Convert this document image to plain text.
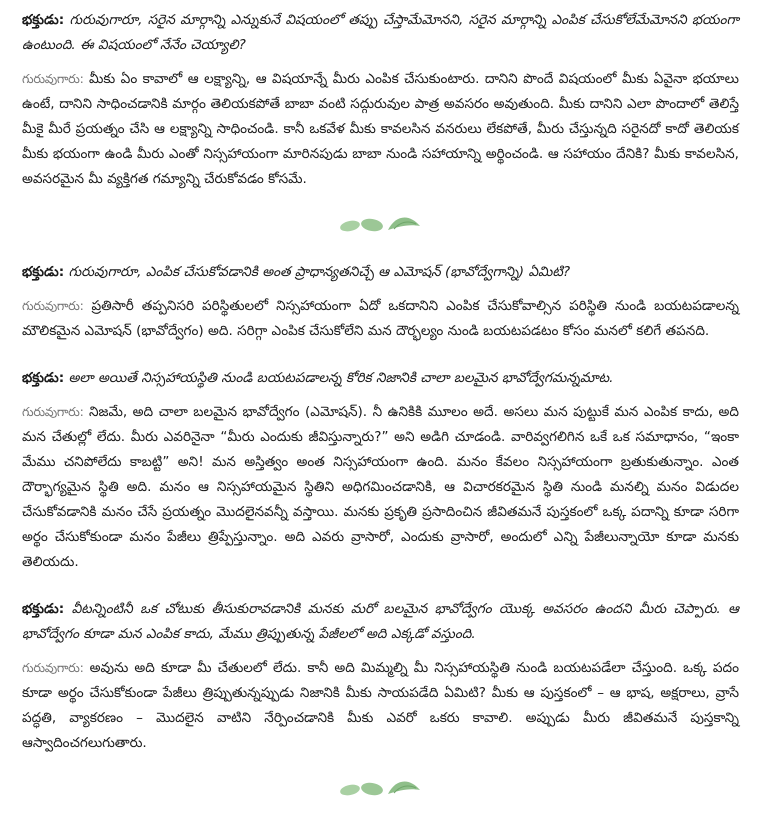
భక్తుడు: గురువుగారూ, సరైన మార్గాన్ని ఎన్నుకునే విషయంలో తప్పు చేస్తామేమోనని, సరైన మార్గాన్ని ఎంపిక చేసుకోలేమేమోనని భయంగా ఉంటుంది. ఈ విషయంలో నేనేం చెయ్యాలి?

గురువుగారు: మీకు ఏం కావాలో ఆ లక్ష్యాన్ని, ఆ విషయాన్నే మీరు ఎంపిక చేసుకుంటారు. దానిని పొందే విషయంలో మీకు ఏవైనా భయాలు ఉంటే, దానిని సాధించడానికి మార్గం తెలియకపోతే బాబా వంటి సద్గురువుల పాత్ర అవసరం అవుతుంది. మీకు దానిని ఎలా పొందాలో తెలిస్తే మీకై మీరే ప్రయత్నం చేసి ఆ లక్ష్యాన్ని సాధించండి. కానీ ఒకవేళ మీకు కావలసిన వనరులు లేకపోతే, మీరు చేస్తున్నది సరైనదో కాదో తెలియక మీకు భయంగా ఉండి మీరు ఎంతో నిస్సహాయంగా మారినపుడు బాబా నుండి సహాయాన్ని అర్థించండి. ఆ సహాయం దేనికి? మీకు కావలసిన, అవసరమైన మీ వ్యక్తిగత గమ్యాన్ని చేరుకోవడం కోసమే.

భక్తుడు: గురువుగారూ, ఎంపిక చేసుకోవడానికి అంత ప్రాధాన్యతనిచ్చే ఆ ఎమోషన్ (భావోద్వేగాన్ని) ఏమిటి?

గురువుగారు: ప్రతిసారీ తప్పనిసరి పరిస్థితులలో నిస్సహాయంగా ఏదో ఒకదానిని ఎంపిక చేసుకోవాల్సిన పరిస్థితి నుండి బయటపడాలన్న మౌలికమైన ఎమోషన్ (భావోద్వేగం) అది. సరిగ్గా ఎంపిక చేసుకోలేని మన దౌర్భల్యం నుండి బయటపడటం కోసం మనలో కలిగే తపనది.

భక్తుడు: అలా అయితే నిస్సహాయస్థితి నుండి బయటపడాలన్న కోరిక నిజానికి చాలా బలమైన భావోద్వేగమన్నమాట.

గురువుగారు: నిజమే, అది చాలా బలమైన భావోద్వేగం (ఎమోషన్). నీ ఉనికికి మూలం అదే. అసలు మన పుట్టుకే మన ఎంపిక కాదు, అది మన చేతుల్లో లేదు. మీరు ఎవరినైనా “మీరు ఎందుకు జీవిస్తున్నారు?” అని అడిగి చూడండి. వారివ్వగలిగిన ఒకే ఒక సమాధానం, “ఇంకా మేము చనిపోలేదు కాబట్టి” అని! మన అస్తిత్వం అంత నిస్సహాయంగా ఉంది. మనం కేవలం నిస్సహాయంగా బ్రతుకుతున్నాం. ఎంత దౌర్భాగ్యమైన స్థితి అది. మనం ఆ నిస్సహాయమైన స్థితిని అధిగమించడానికి, ఆ విచారకరమైన స్థితి నుండి మనల్ని మనం విడుదల చేసుకోవడానికి మనం చేసే ప్రయత్నం మొదలైనవన్నీ వస్తాయి. మనకు ప్రకృతి ప్రసాదించిన జీవితమనే పుస్తకంలో ఒక్క పదాన్ని కూడా సరిగా అర్థం చేసుకోకుండా మనం పేజీలు త్రిప్పేస్తున్నాం. అది ఎవరు వ్రాసారో, ఎందుకు వ్రాసారో, అందులో ఎన్ని పేజీలున్నాయో కూడా మనకు తెలియదు.

భక్తుడు: వీటన్నింటినీ ఒక చోటుకు తీసుకురావడానికి మనకు మరో బలమైన భావోద్వేగం యొక్క అవసరం ఉందని మీరు చెప్పారు. ఆ భావోద్వేగం కూడా మన ఎంపిక కాదు, మేము త్రిప్పుతున్న పేజీలలో అది ఎక్కడో వస్తుంది.

గురువుగారు: అవును అది కూడా మీ చేతులలో లేదు. కానీ అది మిమ్మల్ని మీ నిస్సహాయస్థితి నుండి బయటపడేలా చేస్తుంది. ఒక్క పదం కూడా అర్థం చేసుకోకుండా పేజీలు త్రిప్పుతున్నప్పుడు నిజానికి మీకు సాయపడేది ఏమిటి? మీకు ఆ పుస్తకంలో – ఆ భాష, అక్షరాలు, వ్రాసే పద్ధతి, వ్యాకరణం – మొదలైన వాటిని నేర్పించడానికి మీకు ఎవరో ఒకరు కావాలి. అప్పుడు మీరు జీవితమనే పుస్తకాన్ని ఆస్వాదించగలుగుతారు.
